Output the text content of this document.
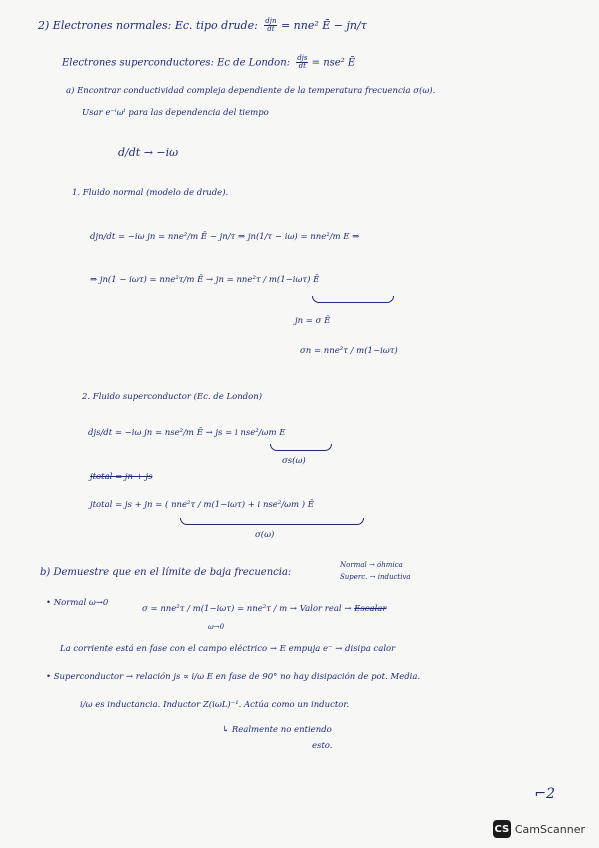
2) Electrones normales: Ec. tipo drude: $\frac{\text{djn}}{dt} = nne^2$ Ē − jn/τ
Electrones superconductores: Ec de London: $\frac{\text{djs}}{dt} = nse^2$ Ē
a) Encontrar conductividad compleja dependiente de la temperatura frecuencia σ(ω).
Usar e⁻ⁱωᵗ para las dependencia del tiempo
d/dt → −iω
1. Fluido normal (modelo de drude).
djn/dt = −iω jn = nne²/m Ē − jn/τ ⇒ jn(1/τ − iω) = nne²/m E ⇒
⇒ jn(1 − iωτ) = nne²τ/m Ē → jn = nne²τ / m(1−iωτ) Ē
jn = σ Ē
σn = nne²τ / m(1−iωτ)
2. Fluido superconductor (Ec. de London)
djs/dt = −iω jn = nse²/m Ē → js = i nse²/ωm E
σs(ω)
jtotal = jn + js
jtotal = js + jn = ( nne²τ / m(1−iωτ) + i nse²/ωm ) Ē
σ(ω)
b) Demuestre que en el límite de baja frecuencia:
Normal → óhmica
Superc. → inductiva
• Normal ω→0
σ = nne²τ / m(1−iωτ) = nne²τ / m → Valor real → Escalar
ω→0
La corriente está en fase con el campo eléctrico → E empuja e⁻ → disipa calor
• Superconductor → relación js ∝ i/ω E en fase de 90° no hay disipación de pot. Media.
i/ω es inductancia. Inductor Z(iωL)⁻¹. Actúa como un inductor.
↳ Realmente no entiendo
esto.
⌐2
CS CamScanner
